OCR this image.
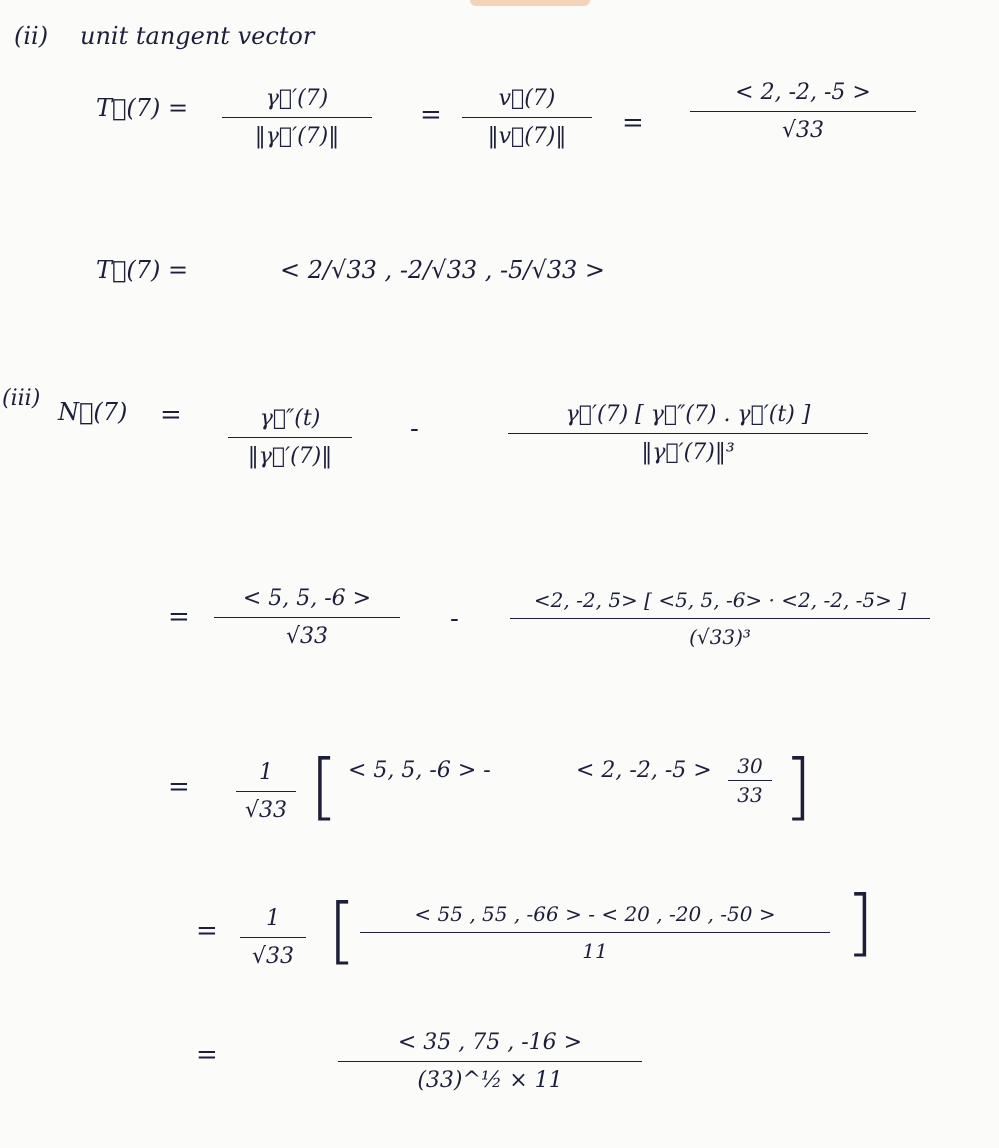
(ii) unit tangent vector
T⃗(7) =	γ⃗′(7)
‖γ⃗′(7)‖
=
v⃗(7)
‖v⃗(7)‖ =
< 2, -2, -5 >
√33
T⃗(7) =	< 2/√33 , -2/√33 , -5/√33 >
(iii) N⃗(7) =	γ⃗″(t)
‖γ⃗′(7)‖
-	γ⃗′(7) [ γ⃗″(7) . γ⃗′(t) ]
‖γ⃗′(7)‖³
=
< 5, 5, -6 >
√33
-
<2, -2, 5> [ <5, 5, -6> · <2, -2, -5> ]
(√33)³
=	1
√33 [ < 5, 5, -6 > -	< 2, -2, -5 > 30
33 ]
= 1
√33 [	< 55 , 55 , -66 > - < 20 , -20 , -50 >
11	]
=	< 35 , 75 , -16 >
(33)^½ × 11
